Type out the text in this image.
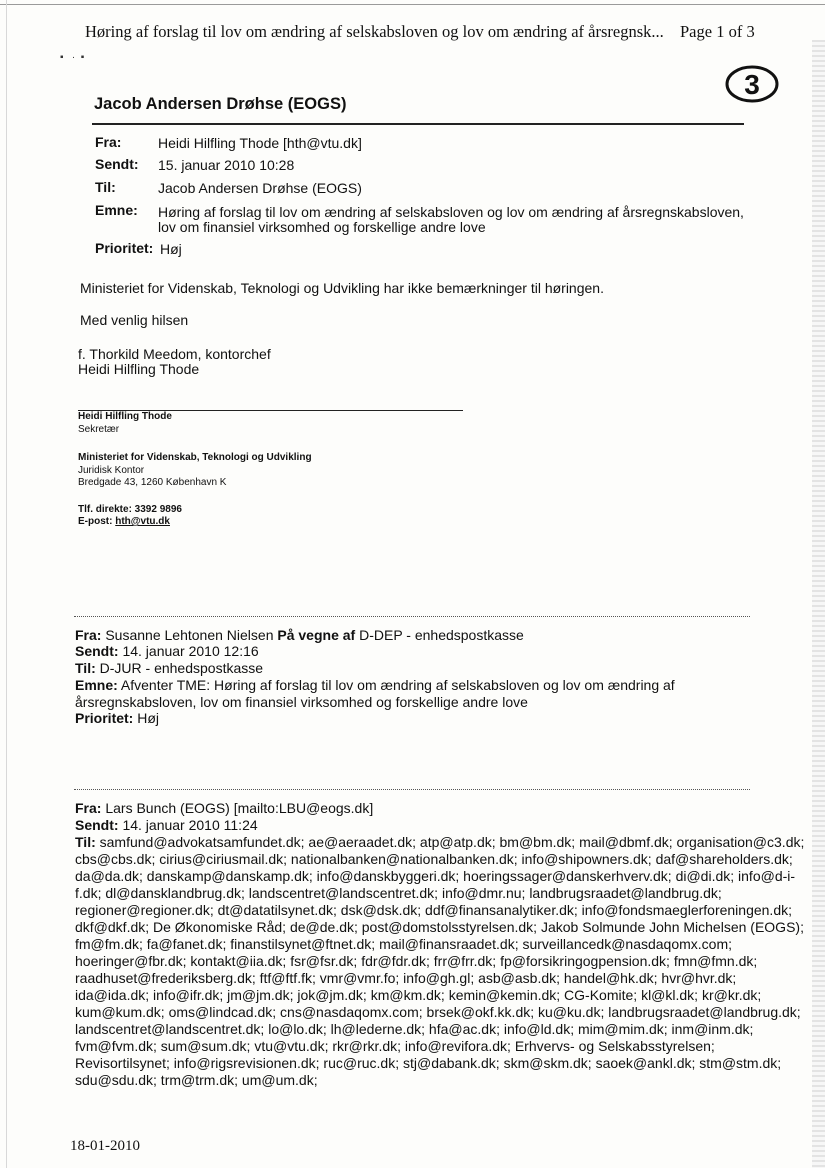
▪   ·  ▪
Høring af forslag til lov om ændring af selskabsloven og lov om ændring af årsregnsk... Page 1 of 3
3
Jacob Andersen Drøhse (EOGS)
Fra:	Heidi Hilfling Thode [hth@vtu.dk]
Sendt: 15. januar 2010 10:28
Til:	Jacob Andersen Drøhse (EOGS)
Emne: Høring af forslag til lov om ændring af selskabsloven og lov om ændring af årsregnskabsloven,
lov om finansiel virksomhed og forskellige andre love
Prioritet: Høj
Ministeriet for Videnskab, Teknologi og Udvikling har ikke bemærkninger til høringen.
Med venlig hilsen
f. Thorkild Meedom, kontorchef
Heidi Hilfling Thode
Heidi Hilfling Thode
Sekretær
Ministeriet for Videnskab, Teknologi og Udvikling
Juridisk Kontor
Bredgade 43, 1260 København K
Tlf. direkte: 3392 9896
E-post: hth@vtu.dk
Fra: Susanne Lehtonen Nielsen På vegne af D-DEP - enhedspostkasse
Sendt: 14. januar 2010 12:16
Til: D-JUR - enhedspostkasse
Emne: Afventer TME: Høring af forslag til lov om ændring af selskabsloven og lov om ændring af
årsregnskabsloven, lov om finansiel virksomhed og forskellige andre love
Prioritet: Høj
Fra: Lars Bunch (EOGS) [mailto:LBU@eogs.dk]
Sendt: 14. januar 2010 11:24
Til: samfund@advokatsamfundet.dk; ae@aeraadet.dk; atp@atp.dk; bm@bm.dk; mail@dbmf.dk; organisation@c3.dk; cbs@cbs.dk; cirius@ciriusmail.dk; nationalbanken@nationalbanken.dk; info@shipowners.dk; daf@shareholders.dk; da@da.dk; danskamp@danskamp.dk; info@danskbyggeri.dk; hoeringssager@danskerhverv.dk; di@di.dk; info@d-i-f.dk; dl@dansklandbrug.dk; landscentret@landscentret.dk; info@dmr.nu; landbrugsraadet@landbrug.dk; regioner@regioner.dk; dt@datatilsynet.dk; dsk@dsk.dk; ddf@finansanalytiker.dk; info@fondsmaeglerforeningen.dk; dkf@dkf.dk; De Økonomiske Råd; de@de.dk; post@domstolsstyrelsen.dk; Jakob Solmunde John Michelsen (EOGS); fm@fm.dk; fa@fanet.dk; finanstilsynet@ftnet.dk; mail@finansraadet.dk; surveillancedk@nasdaqomx.com; hoeringer@fbr.dk; kontakt@iia.dk; fsr@fsr.dk; fdr@fdr.dk; frr@frr.dk; fp@forsikringogpension.dk; fmn@fmn.dk; raadhuset@frederiksberg.dk; ftf@ftf.fk; vmr@vmr.fo; info@gh.gl; asb@asb.dk; handel@hk.dk; hvr@hvr.dk; ida@ida.dk; info@ifr.dk; jm@jm.dk; jok@jm.dk; km@km.dk; kemin@kemin.dk; CG-Komite; kl@kl.dk; kr@kr.dk; kum@kum.dk; oms@lindcad.dk; cns@nasdaqomx.com; brsek@okf.kk.dk; ku@ku.dk; landbrugsraadet@landbrug.dk; landscentret@landscentret.dk; lo@lo.dk; lh@lederne.dk; hfa@ac.dk; info@ld.dk; mim@mim.dk; inm@inm.dk; fvm@fvm.dk; sum@sum.dk; vtu@vtu.dk; rkr@rkr.dk; info@revifora.dk; Erhvervs- og Selskabsstyrelsen; Revisortilsynet; info@rigsrevisionen.dk; ruc@ruc.dk; stj@dabank.dk; skm@skm.dk; saoek@ankl.dk; stm@stm.dk; sdu@sdu.dk; trm@trm.dk; um@um.dk;
18-01-2010
